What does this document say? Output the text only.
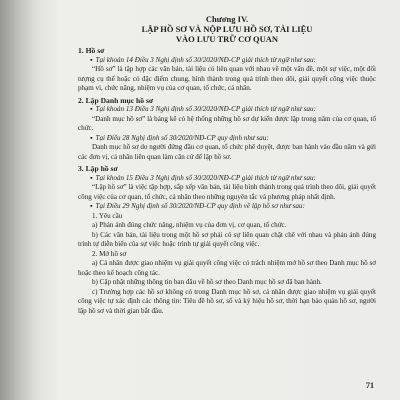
Chương IV.
LẬP HỒ SƠ VÀ NỘP LƯU HỒ SƠ, TÀI LIỆU
VÀO LƯU TRỮ CƠ QUAN
1. Hồ sơ

▪ Tại khoản 14 Điều 3 Nghị định số 30/2020/NĐ-CP giải thích từ ngữ như sau:

“Hồ sơ” là tập hợp các văn bản, tài liệu có liên quan với nhau về một vấn đề, một sự việc, một đối tượng cụ thể hoặc có đặc điểm chung, hình thành trong quá trình theo dõi, giải quyết công việc thuộc phạm vi, chức năng, nhiệm vụ của cơ quan, tổ chức, cá nhân.

2. Lập Danh mục hồ sơ

▪ Tại khoản 13 Điều 3 Nghị định số 30/2020/NĐ-CP giải thích từ ngữ như sau:

“Danh mục hồ sơ” là bảng kê có hệ thống những hồ sơ dự kiến được lập trong năm của cơ quan, tổ chức.

▪ Tại Điều 28 Nghị định số 30/2020/NĐ-CP quy định như sau:

Danh mục hồ sơ do người đứng đầu cơ quan, tổ chức phê duyệt, được ban hành vào đầu năm và gửi các đơn vị, cá nhân liên quan làm căn cứ để lập hồ sơ.

3. Lập hồ sơ

▪ Tại khoản 15 Điều 3 Nghị định số 30/2020/NĐ-CP giải thích từ ngữ như sau:

“Lập hồ sơ” là việc tập hợp, sắp xếp văn bản, tài liệu hình thành trong quá trình theo dõi, giải quyết công việc của cơ quan, tổ chức, cá nhân theo những nguyên tắc và phương pháp nhất định.

▪ Tại Điều 29 Nghị định số 30/2020/NĐ-CP quy định về lập hồ sơ như sau:

1. Yêu cầu

a) Phản ánh đúng chức năng, nhiệm vụ của đơn vị, cơ quan, tổ chức.

b) Các văn bản, tài liệu trong một hồ sơ phải có sự liên quan chặt chẽ với nhau và phản ánh đúng trình tự diễn biến của sự việc hoặc trình tự giải quyết công việc.

2. Mở hồ sơ

a) Cá nhân được giao nhiệm vụ giải quyết công việc có trách nhiệm mở hồ sơ theo Danh mục hồ sơ hoặc theo kế hoạch công tác.

b) Cập nhật những thông tin ban đầu về hồ sơ theo Danh mục hồ sơ đã ban hành.

c) Trường hợp các hồ sơ không có trong Danh mục hồ sơ, cá nhân được giao nhiệm vụ giải quyết công việc tự xác định các thông tin: Tiêu đề hồ sơ, số và ký hiệu hồ sơ, thời hạn bảo quản hồ sơ, người lập hồ sơ và thời gian bắt đầu.

71
